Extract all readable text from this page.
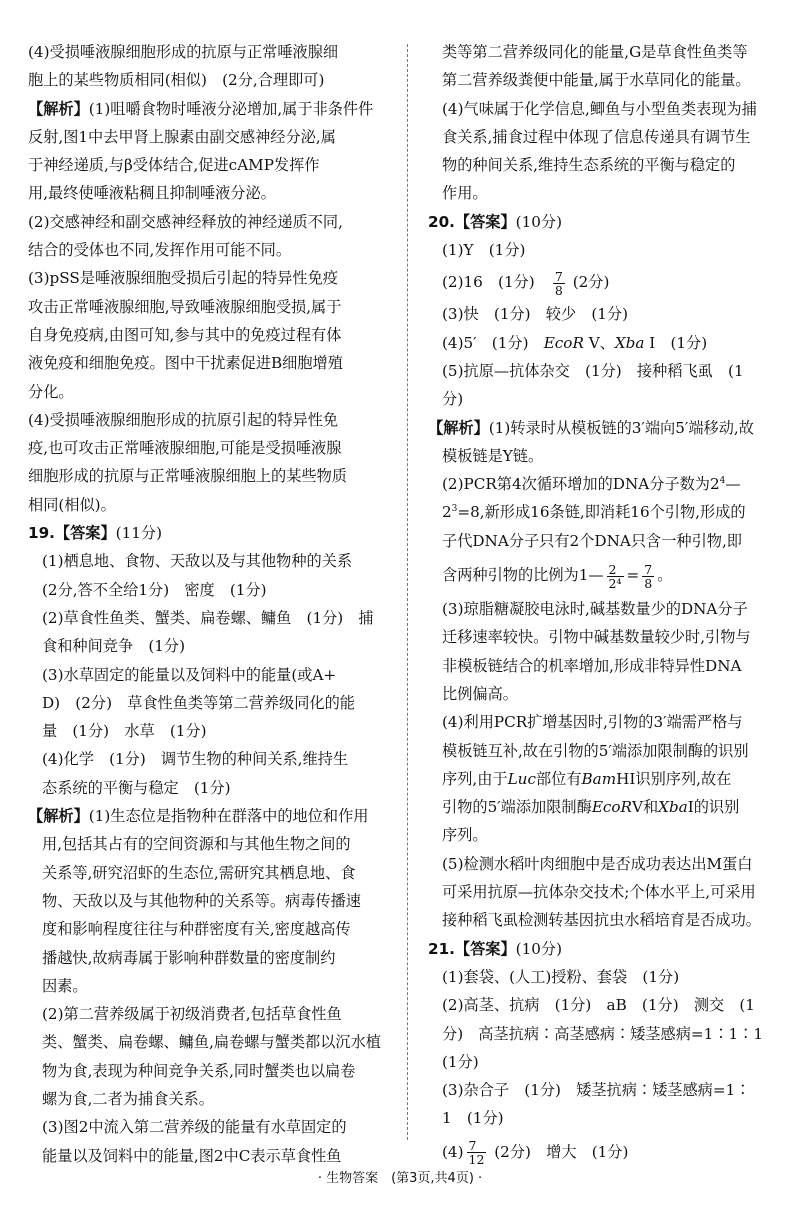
(4)受损唾液腺细胞形成的抗原与正常唾液腺细

胞上的某些物质相同(相似)　(2分,合理即可)

【解析】(1)咀嚼食物时唾液分泌增加,属于非条件件

反射,图1中去甲肾上腺素由副交感神经分泌,属

于神经递质,与β受体结合,促进cAMP发挥作

用,最终使唾液粘稠且抑制唾液分泌。

(2)交感神经和副交感神经释放的神经递质不同,

结合的受体也不同,发挥作用可能不同。

(3)pSS是唾液腺细胞受损后引起的特异性免疫

攻击正常唾液腺细胞,导致唾液腺细胞受损,属于

自身免疫病,由图可知,参与其中的免疫过程有体

液免疫和细胞免疫。图中干扰素促进B细胞增殖

分化。

(4)受损唾液腺细胞形成的抗原引起的特异性免

疫,也可攻击正常唾液腺细胞,可能是受损唾液腺

细胞形成的抗原与正常唾液腺细胞上的某些物质

相同(相似)。

19.【答案】(11分)

(1)栖息地、食物、天敌以及与其他物种的关系

(2分,答不全给1分)　密度　(1分)

(2)草食性鱼类、蟹类、扁卷螺、鳙鱼　(1分)　捕

食和种间竞争　(1分)

(3)水草固定的能量以及饲料中的能量(或A+

D)　(2分)　草食性鱼类等第二营养级同化的能

量　(1分)　水草　(1分)

(4)化学　(1分)　调节生物的种间关系,维持生

态系统的平衡与稳定　(1分)

【解析】(1)生态位是指物种在群落中的地位和作用

用,包括其占有的空间资源和与其他生物之间的

关系等,研究沼虾的生态位,需研究其栖息地、食

物、天敌以及与其他物种的关系等。病毒传播速

度和影响程度往往与种群密度有关,密度越高传

播越快,故病毒属于影响种群数量的密度制约

因素。

(2)第二营养级属于初级消费者,包括草食性鱼

类、蟹类、扁卷螺、鳙鱼,扁卷螺与蟹类都以沉水植

物为食,表现为种间竞争关系,同时蟹类也以扁卷

螺为食,二者为捕食关系。

(3)图2中流入第二营养级的能量有水草固定的

能量以及饲料中的能量,图2中C表示草食性鱼

类等第二营养级同化的能量,G是草食性鱼类等

第二营养级粪便中能量,属于水草同化的能量。

(4)气味属于化学信息,鲫鱼与小型鱼类表现为捕

食关系,捕食过程中体现了信息传递具有调节生

物的种间关系,维持生态系统的平衡与稳定的

作用。

20.【答案】(10分)

(1)Y　(1分)

(2)16　(1分)　 $\frac{7}{8} (2$分)

(3)快　(1分)　较少　(1分)

(4)5′　(1分)　 EcoR Ⅴ、Xba Ⅰ　(1分)

(5)抗原—抗体杂交　(1分)　接种稻飞虱　(1

分)

【解析】(1)转录时从模板链的3′端向5′端移动,故

模板链是Y链。

(2)PCR第4次循环增加的DNA分子数为$2^4—$

$2^3=8$,新形成16条链,即消耗16个引物,形成的

子代DNA分子只有2个DNA只含一种引物,即

含两种引物的比例为1— $\frac{2}{\text{2⁴}} = \frac{7}{8}$ 。

(3)琼脂糖凝胶电泳时,碱基数量少的DNA分子

迁移速率较快。引物中碱基数量较少时,引物与

非模板链结合的机率增加,形成非特异性DNA

比例偏高。

(4)利用PCR扩增基因时,引物的3′端需严格与

模板链互补,故在引物的5′端添加限制酶的识别

序列,由于Luc部位有BamHⅠ识别序列,故在

引物的5′端添加限制酶EcoRⅤ和XbaⅠ的识别

序列。

(5)检测水稻叶肉细胞中是否成功表达出M蛋白

可采用抗原—抗体杂交技术;个体水平上,可采用

接种稻飞虱检测转基因抗虫水稻培育是否成功。

21.【答案】(10分)

(1)套袋、(人工)授粉、套袋　(1分)

(2)高茎、抗病　(1分)　aB　(1分)　测交　(1

分)　高茎抗病∶高茎感病∶矮茎感病=1∶1∶1

(1分)

(3)杂合子　(1分)　矮茎抗病∶矮茎感病=1∶

1　(1分)

$(4) \frac{7}{12} (2$分)　增大　(1分)

· 生物答案　(第3页,共4页) ·
